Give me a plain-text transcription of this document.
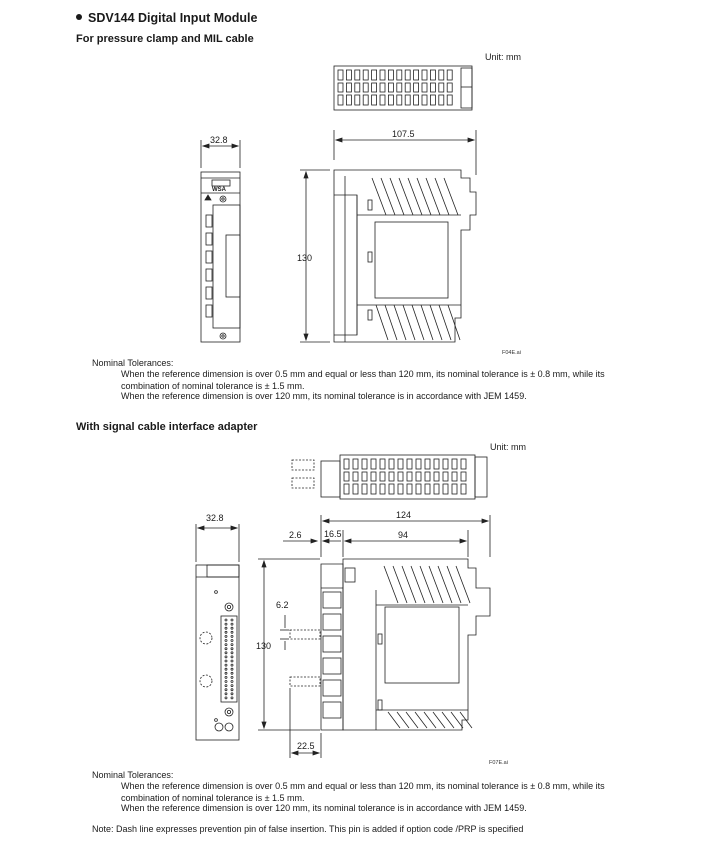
SDV144 Digital Input Module
For pressure clamp and MIL cable
Unit: mm
32.8
107.5
130
WSA
F04E.ai
Nominal Tolerances:
When the reference dimension is over 0.5 mm and equal or less than 120 mm, its nominal tolerance is ± 0.8 mm, while its combination of nominal tolerance is ± 1.5 mm.
When the reference dimension is over 120 mm, its nominal tolerance is in accordance with JEM 1459.
With signal cable interface adapter
Unit: mm
32.8	124
2.6 16.5	94
6.2
130
22.5
F07E.ai
Nominal Tolerances:
When the reference dimension is over 0.5 mm and equal or less than 120 mm, its nominal tolerance is ± 0.8 mm, while its combination of nominal tolerance is ± 1.5 mm.
When the reference dimension is over 120 mm, its nominal tolerance is in accordance with JEM 1459.
Note: Dash line expresses prevention pin of false insertion. This pin is added if option code /PRP is specified
